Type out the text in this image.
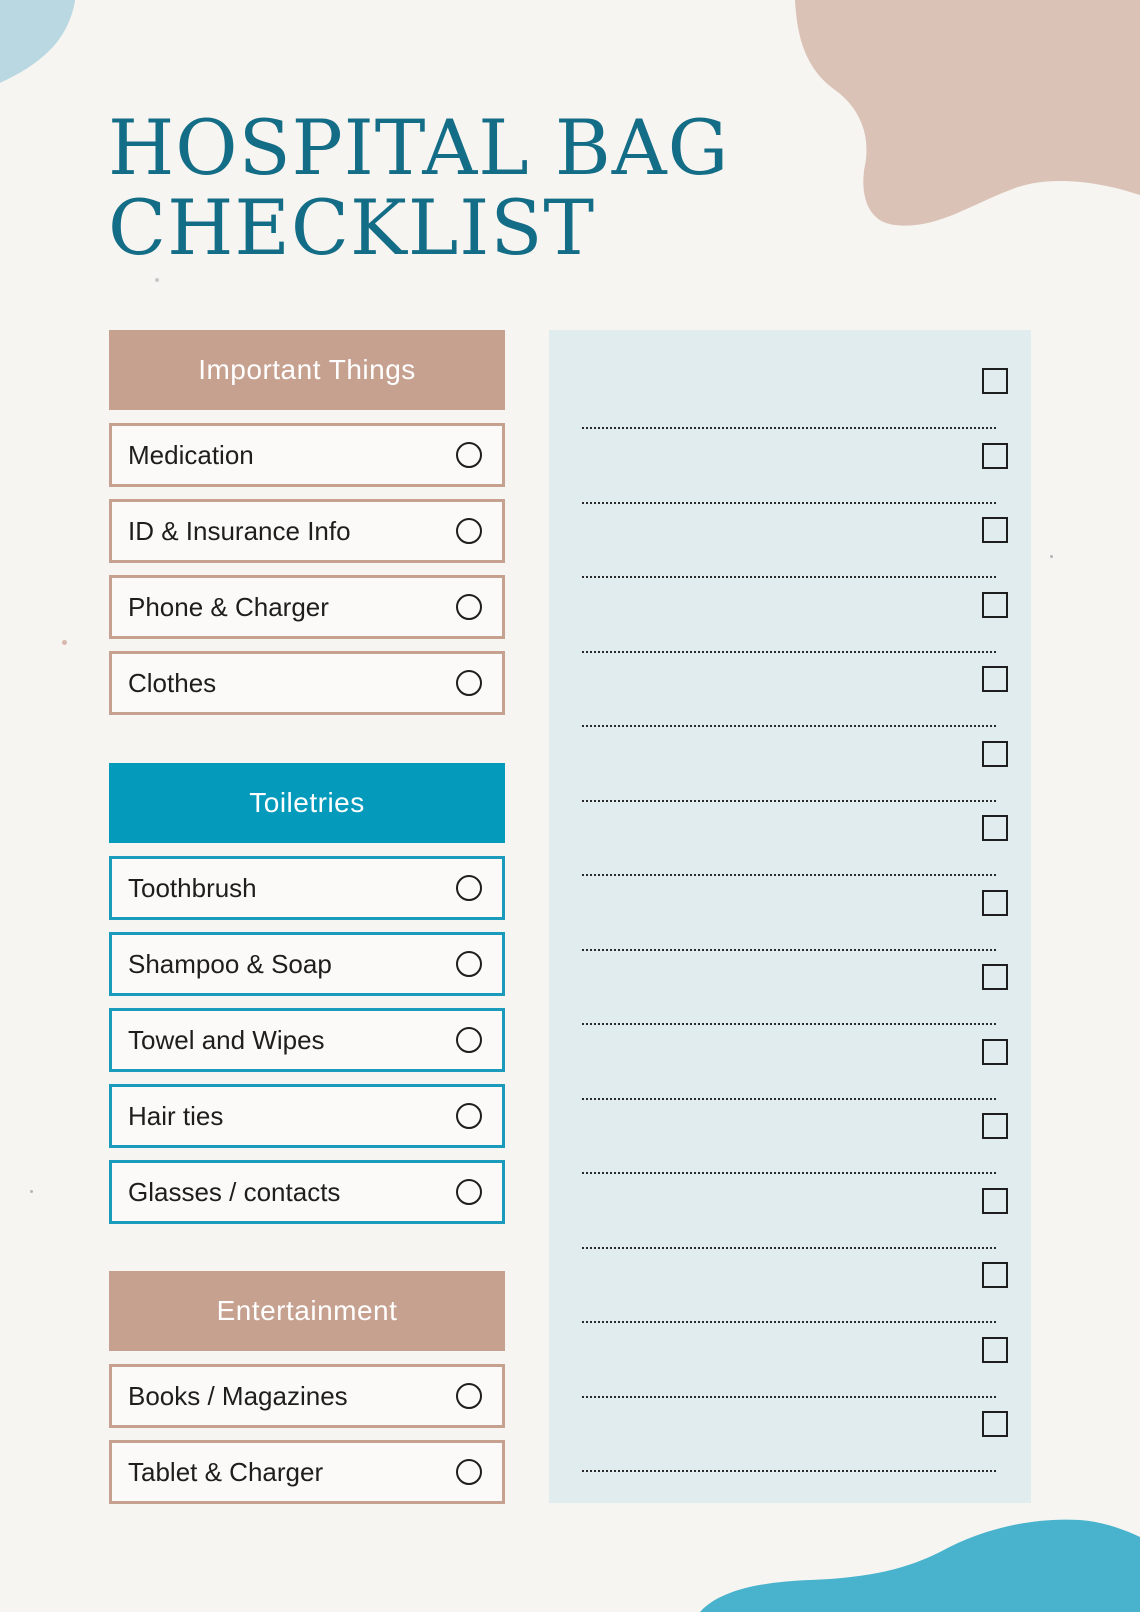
HOSPITAL BAG
CHECKLIST
Important Things
Medication
ID & Insurance Info
Phone & Charger
Clothes
Toiletries
Toothbrush
Shampoo & Soap
Towel and Wipes
Hair ties
Glasses / contacts
Entertainment
Books / Magazines
Tablet & Charger
